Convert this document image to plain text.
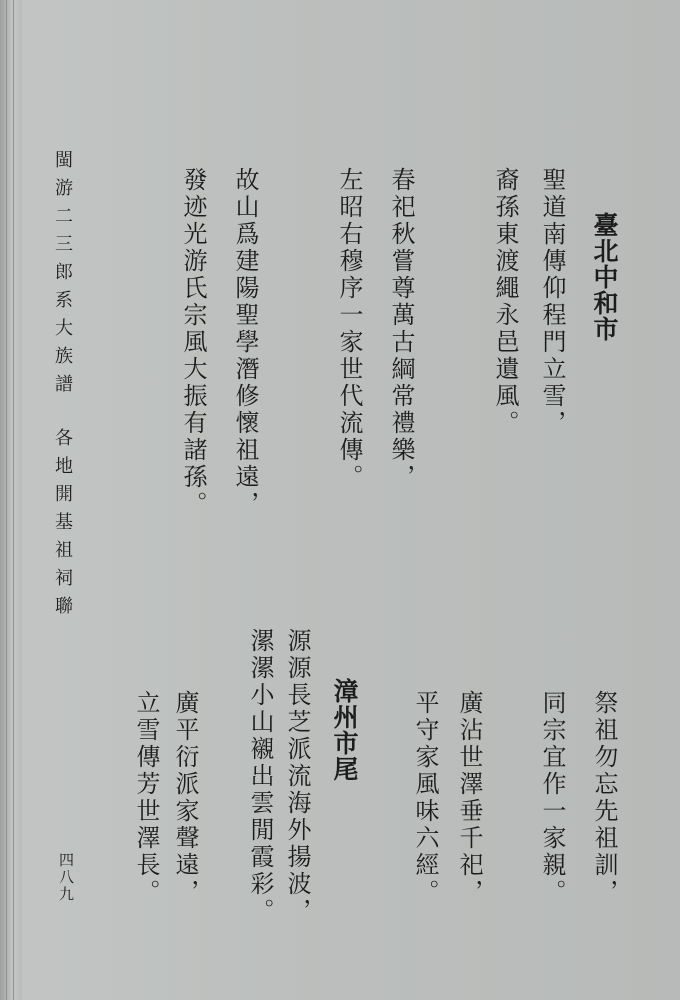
閩游二三郎系大族譜
各地開基祖祠聯
四八九
臺北中和市
聖道南傳仰程門立雪，
裔孫東渡繩永邑遺風。
春祀秋嘗尊萬古綱常禮樂，
左昭右穆序一家世代流傳。
故山爲建陽聖學潛修懷祖遠，
發迹光游氏宗風大振有諸孫。
祭祖勿忘先祖訓，
同宗宜作一家親。
廣沾世澤垂千祀，
平守家風味六經。
漳州市尾
源源長芝派流海外揚波，
漯漯小山襯出雲閒霞彩。
廣平衍派家聲遠，
立雪傳芳世澤長。
